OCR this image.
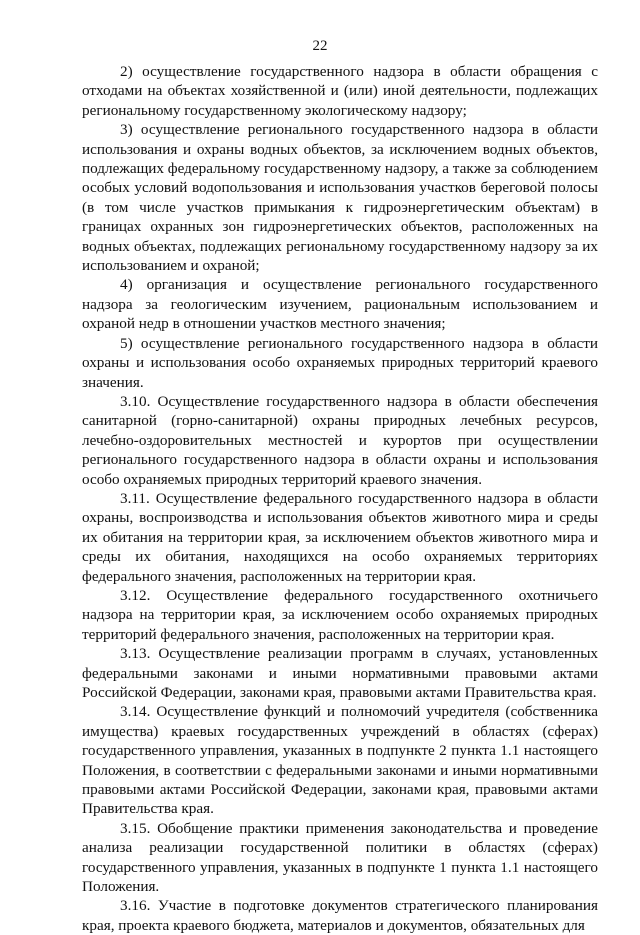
22

2) осуществление государственного надзора в области обращения с отходами на объектах хозяйственной и (или) иной деятельности, подлежащих региональному государственному экологическому надзору;

3) осуществление регионального государственного надзора в области использования и охраны водных объектов, за исключением водных объектов, подлежащих федеральному государственному надзору, а также за соблюдением особых условий водопользования и использования участков береговой полосы (в том числе участков примыкания к гидроэнергетическим объектам) в границах охранных зон гидроэнергетических объектов, расположенных на водных объектах, подлежащих региональному государственному надзору за их использованием и охраной;

4) организация и осуществление регионального государственного надзора за геологическим изучением, рациональным использованием и охраной недр в отношении участков местного значения;

5) осуществление регионального государственного надзора в области охраны и использования особо охраняемых природных территорий краевого значения.

3.10. Осуществление государственного надзора в области обеспечения санитарной (горно-санитарной) охраны природных лечебных ресурсов, лечебно-оздоровительных местностей и курортов при осуществлении регионального государственного надзора в области охраны и использования особо охраняемых природных территорий краевого значения.

3.11. Осуществление федерального государственного надзора в области охраны, воспроизводства и использования объектов животного мира и среды их обитания на территории края, за исключением объектов животного мира и среды их обитания, находящихся на особо охраняемых территориях федерального значения, расположенных на территории края.

3.12. Осуществление федерального государственного охотничьего надзора на территории края, за исключением особо охраняемых природных территорий федерального значения, расположенных на территории края.

3.13. Осуществление реализации программ в случаях, установленных федеральными законами и иными нормативными правовыми актами Российской Федерации, законами края, правовыми актами Правительства края.

3.14. Осуществление функций и полномочий учредителя (собственника имущества) краевых государственных учреждений в областях (сферах) государственного управления, указанных в подпункте 2 пункта 1.1 настоящего Положения, в соответствии с федеральными законами и иными нормативными правовыми актами Российской Федерации, законами края, правовыми актами Правительства края.

3.15. Обобщение практики применения законодательства и проведение анализа реализации государственной политики в областях (сферах) государственного управления, указанных в подпункте 1 пункта 1.1 настоящего Положения.

3.16. Участие в подготовке документов стратегического планирования края, проекта краевого бюджета, материалов и документов, обязательных для
